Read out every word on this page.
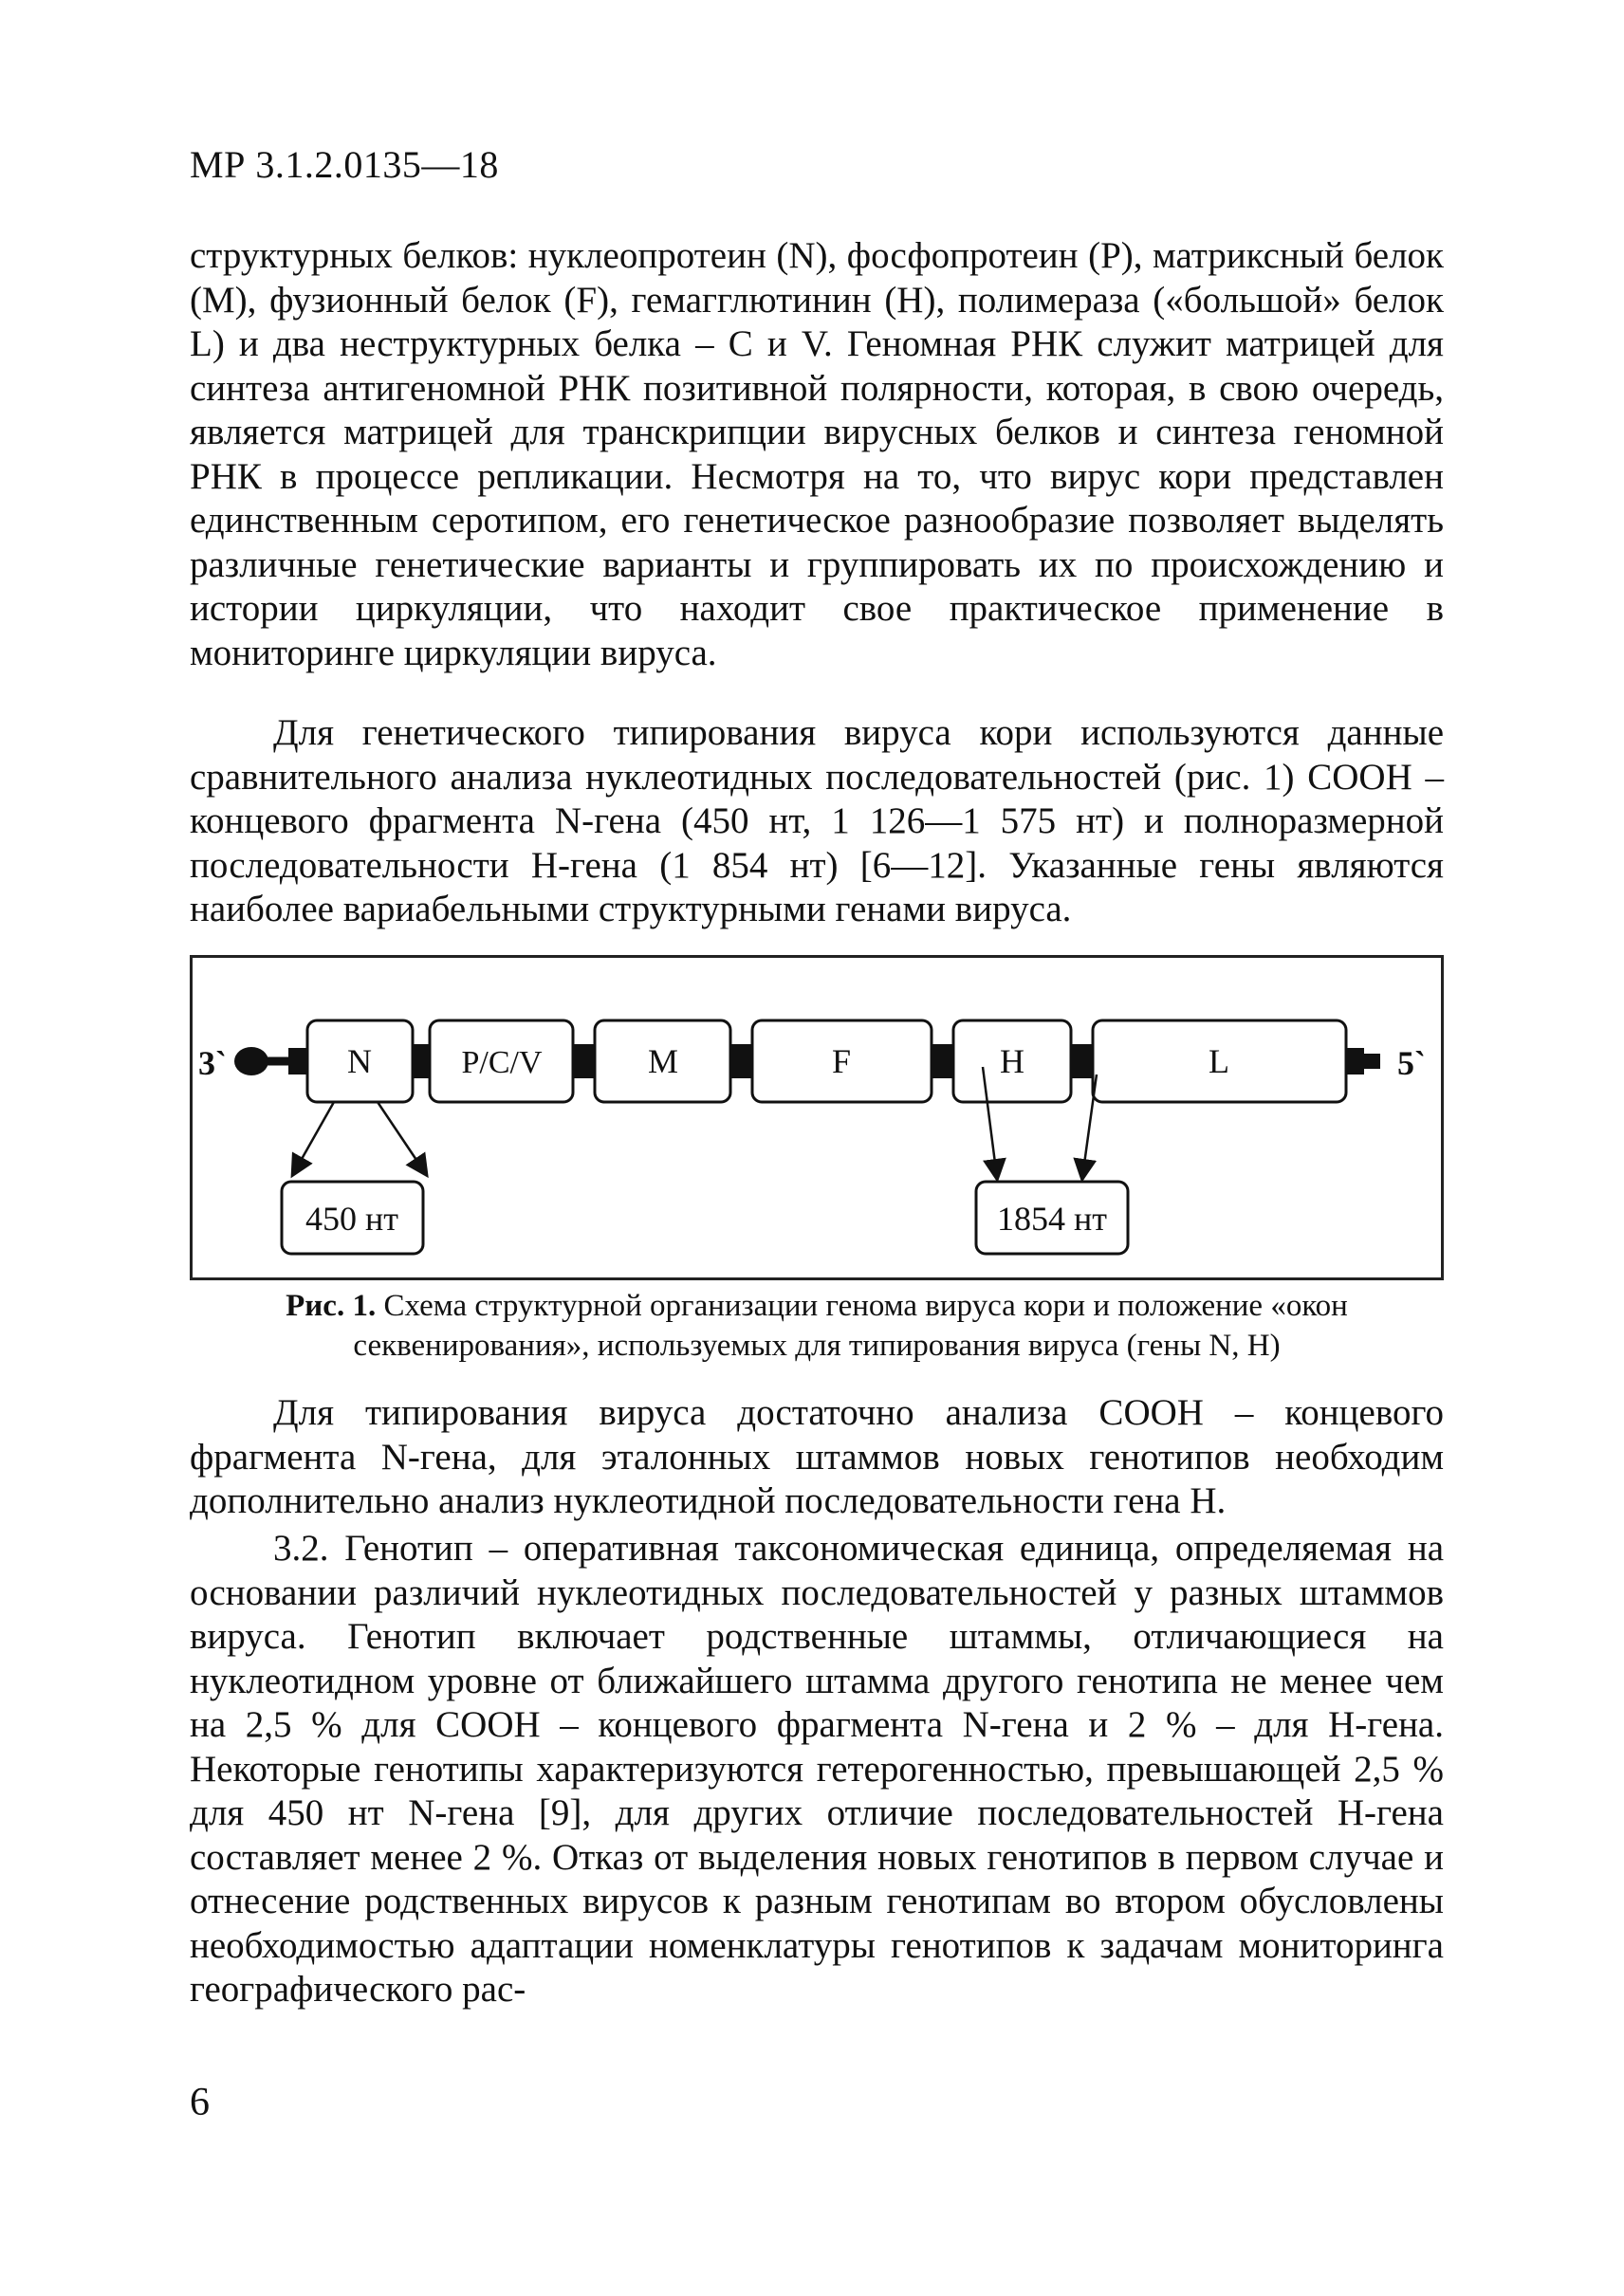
МР 3.1.2.0135—18

структурных белков: нуклеопротеин (N), фосфопротеин (P), матриксный белок (M), фузионный белок (F), гемагглютинин (H), полимераза («большой» белок L) и два неструктурных белка – С и V. Геномная РНК служит матрицей для синтеза антигеномной РНК позитивной полярности, которая, в свою очередь, является матрицей для транскрипции вирусных белков и синтеза геномной РНК в процессе репликации. Несмотря на то, что вирус кори представлен единственным серотипом, его генетическое разнообразие позволяет выделять различные генетические варианты и группировать их по происхождению и истории циркуляции, что находит свое практическое применение в мониторинге циркуляции вируса.

Для генетического типирования вируса кори используются данные сравнительного анализа нуклеотидных последовательностей (рис. 1) СООН – концевого фрагмента N-гена (450 нт, 1 126—1 575 нт) и полноразмерной последовательности Н-гена (1 854 нт) [6—12]. Указанные гены являются наиболее вариабельными структурными генами вируса.

3`	5`
N	P/C/V	M	F	H	L
450 нт	1854 нт

Рис. 1. Схема структурной организации генома вируса кори и положение «окон секвенирования», используемых для типирования вируса (гены N, H)

Для типирования вируса достаточно анализа СООН – концевого фрагмента N-гена, для эталонных штаммов новых генотипов необходим дополнительно анализ нуклеотидной последовательности гена Н.

3.2. Генотип – оперативная таксономическая единица, определяемая на основании различий нуклеотидных последовательностей у разных штаммов вируса. Генотип включает родственные штаммы, отличающиеся на нуклеотидном уровне от ближайшего штамма другого генотипа не менее чем на 2,5 % для СООН – концевого фрагмента N-гена и 2 % – для Н-гена. Некоторые генотипы характеризуются гетерогенностью, превышающей 2,5 % для 450 нт N-гена [9], для других отличие последовательностей Н-гена составляет менее 2 %. Отказ от выделения новых генотипов в первом случае и отнесение родственных вирусов к разным генотипам во втором обусловлены необходимостью адаптации номенклатуры генотипов к задачам мониторинга географического рас-

6
